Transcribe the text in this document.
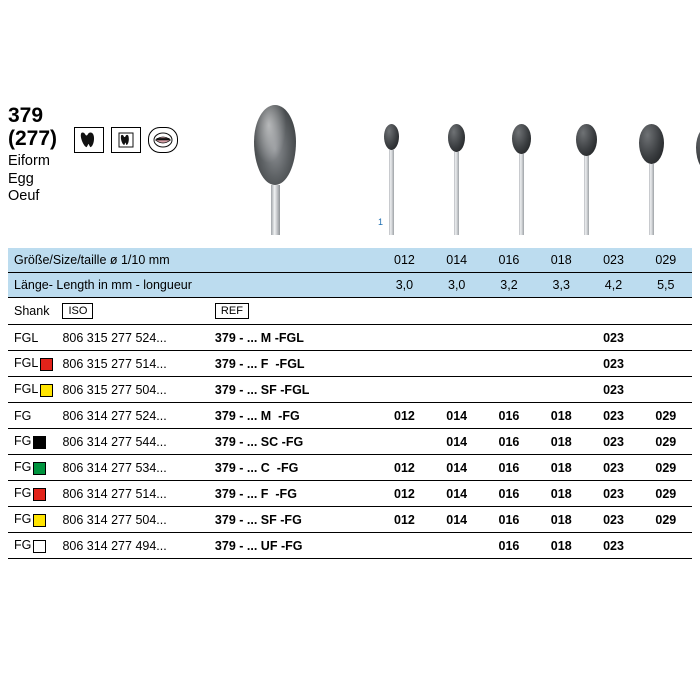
379
(277)
Eiform
Egg
Oeuf
1
Größe/Size/taille ø 1/10 mm			012	014	016	018	023	029
Länge- Length in mm - longueur			3,0	3,0	3,2	3,3	4,2	5,5
Shank	ISO	REF						
FGL	806 315 277 524...	379 - ... M -FGL					023	
FGL	806 315 277 514...	379 - ... F -FGL					023	
FGL	806 315 277 504...	379 - ... SF -FGL					023	
FG	806 314 277 524...	379 - ... M -FG	012	014	016	018	023	029
FG	806 314 277 544...	379 - ... SC -FG		014	016	018	023	029
FG	806 314 277 534...	379 - ... C -FG	012	014	016	018	023	029
FG	806 314 277 514...	379 - ... F -FG	012	014	016	018	023	029
FG	806 314 277 504...	379 - ... SF -FG	012	014	016	018	023	029
FG	806 314 277 494...	379 - ... UF -FG			016	018	023	
